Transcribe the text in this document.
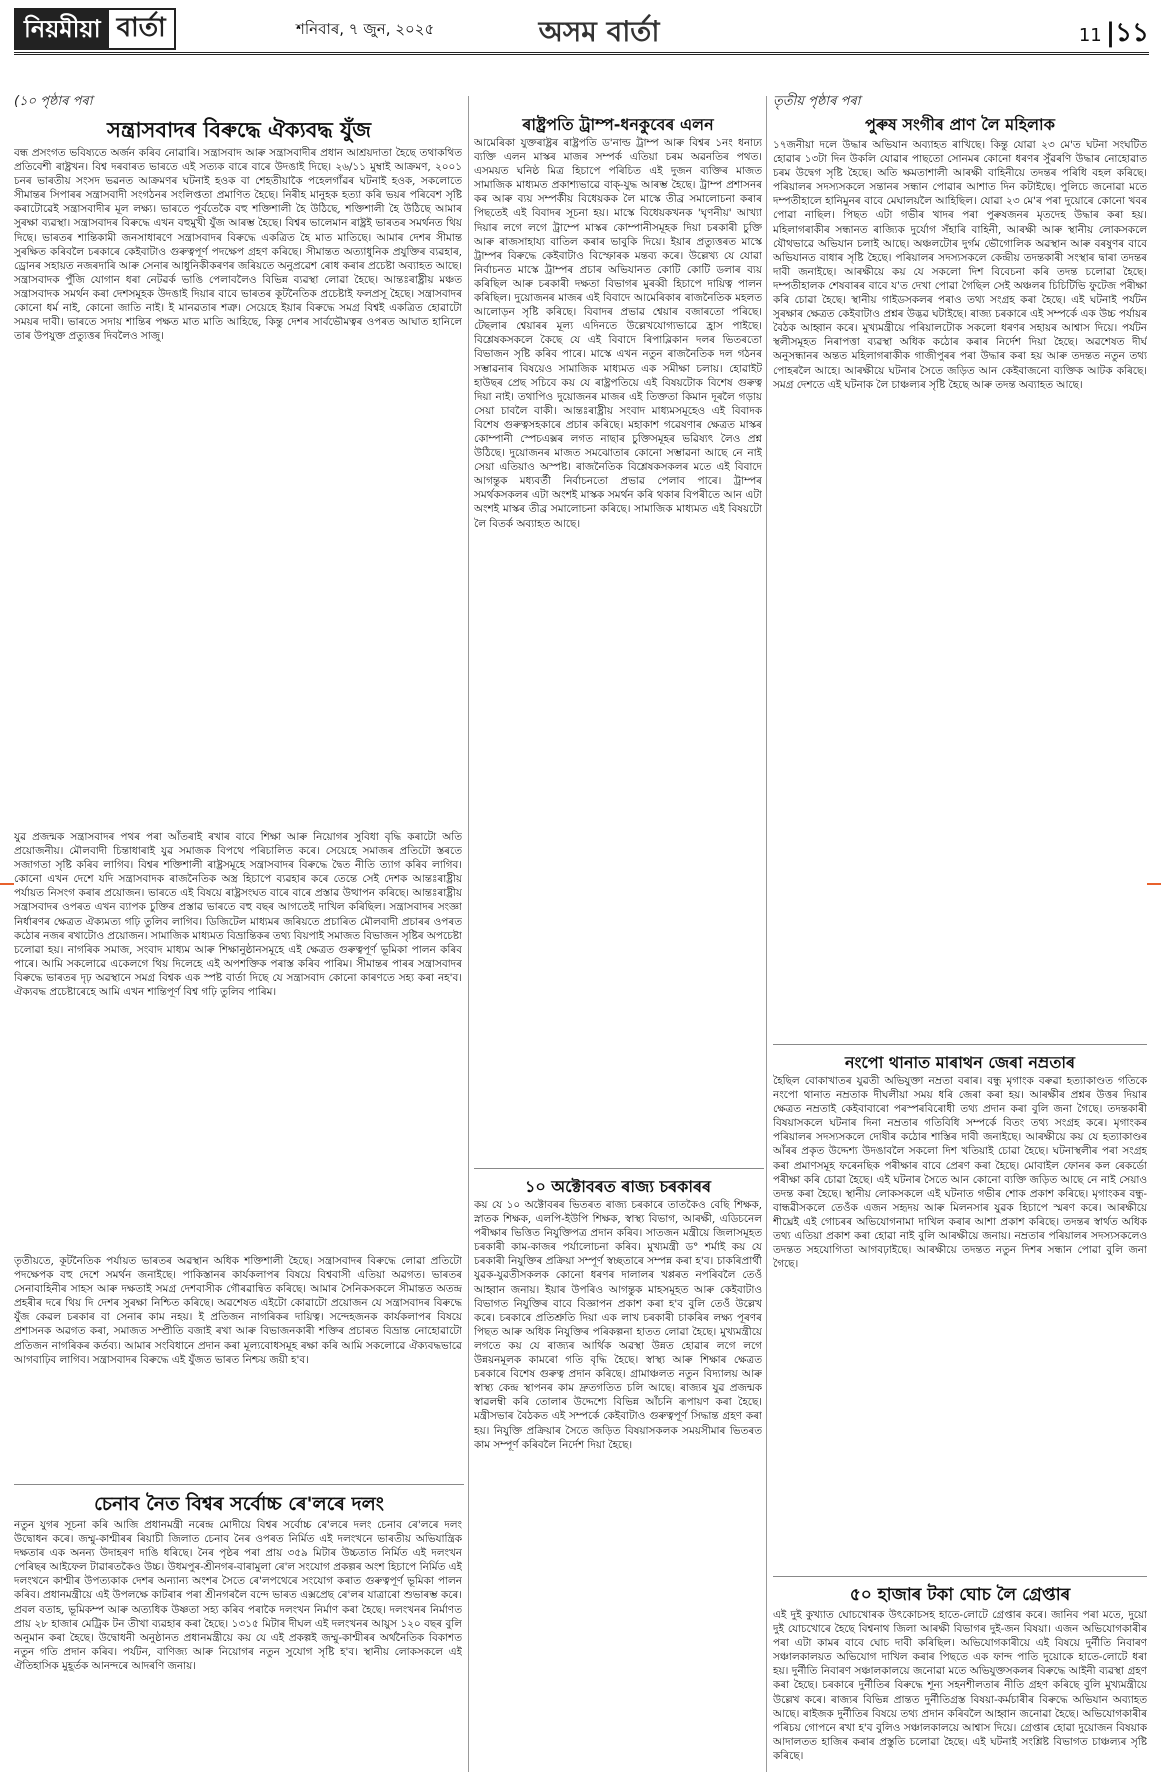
নিয়মীয়া বাৰ্তা	শনিবাৰ, ৭ জুন, ২০২৫	অসম বাৰ্তা	11 |১১
(১০ পৃষ্ঠাৰ পৰা	তৃতীয় পৃষ্ঠাৰ পৰা
সন্ত্ৰাসবাদৰ বিৰুদ্ধে ঐক্যবদ্ধ যুঁজ
বন্ধ প্ৰসংগত ভবিষ্যতে অৰ্জন কৰিব নোৱাৰি। সন্ত্ৰাসবাদ আৰু সন্ত্ৰাসবাদীৰ প্ৰধান আশ্ৰয়দাতা হৈছে তথাকথিত প্ৰতিবেশী ৰাষ্ট্ৰখন। বিশ্ব দৰবাৰত ভাৰতে এই সত্যক বাৰে বাৰে উদঙাই দিছে। ২৬/১১ মুম্বাই আক্ৰমণ, ২০০১ চনৰ ভাৰতীয় সংসদ ভৱনত আক্ৰমণৰ ঘটনাই হওক বা শেহতীয়াকৈ পহেলগাঁৱৰ ঘটনাই হওক, সকলোতে সীমান্তৰ সিপাৰৰ সন্ত্ৰাসবাদী সংগঠনৰ সংলিপ্ততা প্ৰমাণিত হৈছে। নিৰীহ মানুহক হত্যা কৰি ভয়ৰ পৰিবেশ সৃষ্টি কৰাটোৱেই সন্ত্ৰাসবাদীৰ মূল লক্ষ্য। ভাৰতে পূৰ্বতেকৈ বহু শক্তিশালী হৈ উঠিছে, শক্তিশালী হৈ উঠিছে আমাৰ সুৰক্ষা ব্যৱস্থা। সন্ত্ৰাসবাদৰ বিৰুদ্ধে এখন বহুমুখী যুঁজ আৰম্ভ হৈছে। বিশ্বৰ ভালেমান ৰাষ্ট্ৰই ভাৰতৰ সমৰ্থনত থিয় দিছে। ভাৰতৰ শান্তিকামী জনসাধাৰণে সন্ত্ৰাসবাদৰ বিৰুদ্ধে একত্ৰিত হৈ মাত মাতিছে। আমাৰ দেশৰ সীমান্ত সুৰক্ষিত কৰিবলৈ চৰকাৰে কেইবাটাও গুৰুত্বপূৰ্ণ পদক্ষেপ গ্ৰহণ কৰিছে। সীমান্তত অত্যাধুনিক প্ৰযুক্তিৰ ব্যৱহাৰ, ড্ৰোনৰ সহায়ত নজৰদাৰি আৰু সেনাৰ আধুনিকীকৰণৰ জৰিয়তে অনুপ্ৰৱেশ ৰোধ কৰাৰ প্ৰচেষ্টা অব্যাহত আছে। সন্ত্ৰাসবাদক পুঁজি যোগান ধৰা নেটৱৰ্ক ভাঙি পেলাবলৈও বিভিন্ন ব্যৱস্থা লোৱা হৈছে। আন্তঃৰাষ্ট্ৰীয় মঞ্চত সন্ত্ৰাসবাদক সমৰ্থন কৰা দেশসমূহক উদঙাই দিয়াৰ বাবে ভাৰতৰ কূটনৈতিক প্ৰচেষ্টাই ফলপ্ৰসূ হৈছে। সন্ত্ৰাসবাদৰ কোনো ধৰ্ম নাই, কোনো জাতি নাই। ই মানৱতাৰ শত্ৰু। সেয়েহে ইয়াৰ বিৰুদ্ধে সমগ্ৰ বিশ্বই একত্ৰিত হোৱাটো সময়ৰ দাবী। ভাৰতে সদায় শান্তিৰ পক্ষত মাত মাতি আহিছে, কিন্তু দেশৰ সাৰ্বভৌমত্বৰ ওপৰত আঘাত হানিলে তাৰ উপযুক্ত প্ৰত্যুত্তৰ দিবলৈও সাজু।
যুৱ প্ৰজন্মক সন্ত্ৰাসবাদৰ পথৰ পৰা আঁতৰাই ৰখাৰ বাবে শিক্ষা আৰু নিয়োগৰ সুবিধা বৃদ্ধি কৰাটো অতি প্ৰয়োজনীয়। মৌলবাদী চিন্তাধাৰাই যুৱ সমাজক বিপথে পৰিচালিত কৰে। সেয়েহে সমাজৰ প্ৰতিটো স্তৰতে সজাগতা সৃষ্টি কৰিব লাগিব। বিশ্বৰ শক্তিশালী ৰাষ্ট্ৰসমূহে সন্ত্ৰাসবাদৰ বিৰুদ্ধে দ্বৈত নীতি ত্যাগ কৰিব লাগিব। কোনো এখন দেশে যদি সন্ত্ৰাসবাদক ৰাজনৈতিক অস্ত্ৰ হিচাপে ব্যৱহাৰ কৰে তেন্তে সেই দেশক আন্তঃৰাষ্ট্ৰীয় পৰ্যায়ত নিসংগ কৰাৰ প্ৰয়োজন। ভাৰতে এই বিষয়ে ৰাষ্ট্ৰসংঘত বাৰে বাৰে প্ৰস্তাৱ উত্থাপন কৰিছে। আন্তঃৰাষ্ট্ৰীয় সন্ত্ৰাসবাদৰ ওপৰত এখন ব্যাপক চুক্তিৰ প্ৰস্তাৱ ভাৰতে বহু বছৰ আগতেই দাখিল কৰিছিল। সন্ত্ৰাসবাদৰ সংজ্ঞা নিৰ্ধাৰণৰ ক্ষেত্ৰত ঐক্যমত্য গঢ়ি তুলিব লাগিব। ডিজিটেল মাধ্যমৰ জৰিয়তে প্ৰচাৰিত মৌলবাদী প্ৰচাৰৰ ওপৰত কঠোৰ নজৰ ৰখাটোও প্ৰয়োজন। সামাজিক মাধ্যমত বিভ্ৰান্তিকৰ তথ্য বিয়পাই সমাজত বিভাজন সৃষ্টিৰ অপচেষ্টা চলোৱা হয়। নাগৰিক সমাজ, সংবাদ মাধ্যম আৰু শিক্ষানুষ্ঠানসমূহে এই ক্ষেত্ৰত গুৰুত্বপূৰ্ণ ভূমিকা পালন কৰিব পাৰে। আমি সকলোৱে একেলগে থিয় দিলেহে এই অপশক্তিক পৰাস্ত কৰিব পাৰিম। সীমান্তৰ পাৰৰ সন্ত্ৰাসবাদৰ বিৰুদ্ধে ভাৰতৰ দৃঢ় অৱস্থানে সমগ্ৰ বিশ্বক এক স্পষ্ট বাৰ্তা দিছে যে সন্ত্ৰাসবাদ কোনো কাৰণতে সহ্য কৰা নহ'ব। ঐক্যবদ্ধ প্ৰচেষ্টাৰেহে আমি এখন শান্তিপূৰ্ণ বিশ্ব গঢ়ি তুলিব পাৰিম।
তৃতীয়তে, কূটনৈতিক পৰ্যায়ত ভাৰতৰ অৱস্থান অধিক শক্তিশালী হৈছে। সন্ত্ৰাসবাদৰ বিৰুদ্ধে লোৱা প্ৰতিটো পদক্ষেপক বহু দেশে সমৰ্থন জনাইছে। পাকিস্তানৰ কাৰ্যকলাপৰ বিষয়ে বিশ্ববাসী এতিয়া অৱগত। ভাৰতৰ সেনাবাহিনীৰ সাহস আৰু দক্ষতাই সমগ্ৰ দেশবাসীক গৌৰৱান্বিত কৰিছে। আমাৰ সৈনিকসকলে সীমান্তত অতন্দ্ৰ প্ৰহৰীৰ দৰে থিয় দি দেশৰ সুৰক্ষা নিশ্চিত কৰিছে। অৱশেষত এইটো কোৱাটো প্ৰয়োজন যে সন্ত্ৰাসবাদৰ বিৰুদ্ধে যুঁজ কেৱল চৰকাৰ বা সেনাৰ কাম নহয়। ই প্ৰতিজন নাগৰিকৰ দায়িত্ব। সন্দেহজনক কাৰ্যকলাপৰ বিষয়ে প্ৰশাসনক অৱগত কৰা, সমাজত সম্প্ৰীতি বজাই ৰখা আৰু বিভাজনকাৰী শক্তিৰ প্ৰচাৰত বিভ্ৰান্ত নোহোৱাটো প্ৰতিজন নাগৰিকৰ কৰ্তব্য। আমাৰ সংবিধানে প্ৰদান কৰা মূল্যবোধসমূহ ৰক্ষা কৰি আমি সকলোৱে ঐক্যবদ্ধভাৱে আগবাঢ়িব লাগিব। সন্ত্ৰাসবাদৰ বিৰুদ্ধে এই যুঁজত ভাৰত নিশ্চয় জয়ী হ'ব।
চেনাব নৈত বিশ্বৰ সৰ্বোচ্চ ৰে'লৰে দলং
নতুন যুগৰ সূচনা কৰি আজি প্ৰধানমন্ত্ৰী নৰেন্দ্ৰ মোদীয়ে বিশ্বৰ সৰ্বোচ্চ ৰে'লৰে দলং চেনাব ৰে'লৰে দলং উদ্বোধন কৰে। জম্মু-কাশ্মীৰৰ ৰিয়াচী জিলাত চেনাব নৈৰ ওপৰত নিৰ্মিত এই দলংখনে ভাৰতীয় অভিযান্ত্ৰিক দক্ষতাৰ এক অনন্য উদাহৰণ দাঙি ধৰিছে। নৈৰ পৃষ্ঠৰ পৰা প্ৰায় ৩৫৯ মিটাৰ উচ্চতাত নিৰ্মিত এই দলংখন পেৰিছৰ আইফেল টাৱাৰতকৈও উচ্চ। উধমপুৰ-শ্ৰীনগৰ-বাৰামুলা ৰে'ল সংযোগ প্ৰকল্পৰ অংশ হিচাপে নিৰ্মিত এই দলংখনে কাশ্মীৰ উপত্যকাক দেশৰ অন্যান্য অংশৰ সৈতে ৰে'লপথেৰে সংযোগ কৰাত গুৰুত্বপূৰ্ণ ভূমিকা পালন কৰিব। প্ৰধানমন্ত্ৰীয়ে এই উপলক্ষে কাটৰাৰ পৰা শ্ৰীনগৰলৈ বন্দে ভাৰত এক্সপ্ৰেছ ৰে'লৰ যাত্ৰাৰো শুভাৰম্ভ কৰে। প্ৰবল বতাহ, ভূমিকম্প আৰু অত্যধিক উষ্ণতা সহ্য কৰিব পৰাকৈ দলংখন নিৰ্মাণ কৰা হৈছে। দলংখনৰ নিৰ্মাণত প্ৰায় ২৮ হাজাৰ মেট্ৰিক টন তীখা ব্যৱহাৰ কৰা হৈছে। ১৩১৫ মিটাৰ দীঘল এই দলংখনৰ আয়ুস ১২০ বছৰ বুলি অনুমান কৰা হৈছে। উদ্বোধনী অনুষ্ঠানত প্ৰধানমন্ত্ৰীয়ে কয় যে এই প্ৰকল্পই জম্মু-কাশ্মীৰৰ অৰ্থনৈতিক বিকাশত নতুন গতি প্ৰদান কৰিব। পৰ্যটন, বাণিজ্য আৰু নিয়োগৰ নতুন সুযোগ সৃষ্টি হ'ব। স্থানীয় লোকসকলে এই ঐতিহাসিক মুহূৰ্তক আনন্দৰে আদৰণি জনায়।
ৰাষ্ট্ৰপতি ট্ৰাম্প-ধনকুবেৰ এলন
আমেৰিকা যুক্তৰাষ্ট্ৰৰ ৰাষ্ট্ৰপতি ড'নাল্ড ট্ৰাম্প আৰু বিশ্বৰ ১নং ধনাঢ্য ব্যক্তি এলন মাস্কৰ মাজৰ সম্পৰ্ক এতিয়া চৰম অৱনতিৰ পথত। এসময়ত ঘনিষ্ঠ মিত্ৰ হিচাপে পৰিচিত এই দুজন ব্যক্তিৰ মাজত সামাজিক মাধ্যমত প্ৰকাশ্যভাৱে বাক্-যুদ্ধ আৰম্ভ হৈছে। ট্ৰাম্প প্ৰশাসনৰ কৰ আৰু ব্যয় সম্পৰ্কীয় বিধেয়কক লৈ মাস্কে তীব্ৰ সমালোচনা কৰাৰ পিছতেই এই বিবাদৰ সূচনা হয়। মাস্কে বিধেয়কখনক 'ঘৃণনীয়' আখ্যা দিয়াৰ লগে লগে ট্ৰাম্পে মাস্কৰ কোম্পানীসমূহক দিয়া চৰকাৰী চুক্তি আৰু ৰাজসাহায্য বাতিল কৰাৰ ভাবুকি দিয়ে। ইয়াৰ প্ৰত্যুত্তৰত মাস্কে ট্ৰাম্পৰ বিৰুদ্ধে কেইবাটাও বিস্ফোৰক মন্তব্য কৰে। উল্লেখ্য যে যোৱা নিৰ্বাচনত মাস্কে ট্ৰাম্পৰ প্ৰচাৰ অভিযানত কোটি কোটি ডলাৰ ব্যয় কৰিছিল আৰু চৰকাৰী দক্ষতা বিভাগৰ মুৰব্বী হিচাপে দায়িত্ব পালন কৰিছিল। দুয়োজনৰ মাজৰ এই বিবাদে আমেৰিকাৰ ৰাজনৈতিক মহলত আলোড়ন সৃষ্টি কৰিছে। বিবাদৰ প্ৰভাৱ শ্বেয়াৰ বজাৰতো পৰিছে। টেছলাৰ শ্বেয়াৰৰ মূল্য এদিনতে উল্লেখযোগ্যভাৱে হ্ৰাস পাইছে। বিশ্লেষকসকলে কৈছে যে এই বিবাদে ৰিপাব্লিকান দলৰ ভিতৰতো বিভাজন সৃষ্টি কৰিব পাৰে। মাস্কে এখন নতুন ৰাজনৈতিক দল গঠনৰ সম্ভাৱনাৰ বিষয়েও সামাজিক মাধ্যমত এক সমীক্ষা চলায়। হোৱাইট হাউছৰ প্ৰেছ সচিবে কয় যে ৰাষ্ট্ৰপতিয়ে এই বিষয়টোক বিশেষ গুৰুত্ব দিয়া নাই। তথাপিও দুয়োজনৰ মাজৰ এই তিক্ততা কিমান দূৰলৈ গড়ায় সেয়া চাবলৈ বাকী। আন্তঃৰাষ্ট্ৰীয় সংবাদ মাধ্যমসমূহেও এই বিবাদক বিশেষ গুৰুত্বসহকাৰে প্ৰচাৰ কৰিছে। মহাকাশ গৱেষণাৰ ক্ষেত্ৰত মাস্কৰ কোম্পানী স্পেচএক্সৰ লগত নাছাৰ চুক্তিসমূহৰ ভৱিষ্যৎ লৈও প্ৰশ্ন উঠিছে। দুয়োজনৰ মাজত সমঝোতাৰ কোনো সম্ভাৱনা আছে নে নাই সেয়া এতিয়াও অস্পষ্ট। ৰাজনৈতিক বিশ্লেষকসকলৰ মতে এই বিবাদে আগন্তুক মধ্যবৰ্তী নিৰ্বাচনতো প্ৰভাৱ পেলাব পাৰে। ট্ৰাম্পৰ সমৰ্থকসকলৰ এটা অংশই মাস্কক সমৰ্থন কৰি থকাৰ বিপৰীতে আন এটা অংশই মাস্কৰ তীব্ৰ সমালোচনা কৰিছে। সামাজিক মাধ্যমত এই বিষয়টো লৈ বিতৰ্ক অব্যাহত আছে।
১০ অক্টোবৰত ৰাজ্য চৰকাৰৰ
কয় যে ১০ অক্টোবৰৰ ভিতৰত ৰাজ্য চৰকাৰে তাতকৈও বেছি শিক্ষক, স্নাতক শিক্ষক, এলপি-ইউপি শিক্ষক, স্বাস্থ্য বিভাগ, আৰক্ষী, এডিচনেল পৰীক্ষাৰ ভিত্তিত নিযুক্তিপত্ৰ প্ৰদান কৰিব। সাতজন মন্ত্ৰীয়ে জিলাসমূহত চৰকাৰী কাম-কাজৰ পৰ্যালোচনা কৰিব। মুখ্যমন্ত্ৰী ড° শৰ্মাই কয় যে চৰকাৰী নিযুক্তিৰ প্ৰক্ৰিয়া সম্পূৰ্ণ স্বচ্ছতাৰে সম্পন্ন কৰা হ'ব। চাকৰিপ্ৰাৰ্থী যুৱক-যুৱতীসকলক কোনো ধৰণৰ দালালৰ খপ্পৰত নপৰিবলৈ তেওঁ আহ্বান জনায়। ইয়াৰ উপৰিও আগন্তুক মাহসমূহত আৰু কেইবাটাও বিভাগত নিযুক্তিৰ বাবে বিজ্ঞাপন প্ৰকাশ কৰা হ'ব বুলি তেওঁ উল্লেখ কৰে। চৰকাৰে প্ৰতিশ্ৰুতি দিয়া এক লাখ চৰকাৰী চাকৰিৰ লক্ষ্য পূৰণৰ পিছত আৰু অধিক নিযুক্তিৰ পৰিকল্পনা হাতত লোৱা হৈছে। মুখ্যমন্ত্ৰীয়ে লগতে কয় যে ৰাজ্যৰ আৰ্থিক অৱস্থা উন্নত হোৱাৰ লগে লগে উন্নয়নমূলক কামৰো গতি বৃদ্ধি হৈছে। স্বাস্থ্য আৰু শিক্ষাৰ ক্ষেত্ৰত চৰকাৰে বিশেষ গুৰুত্ব প্ৰদান কৰিছে। গ্ৰামাঞ্চলত নতুন বিদ্যালয় আৰু স্বাস্থ্য কেন্দ্ৰ স্থাপনৰ কাম দ্ৰুতগতিত চলি আছে। ৰাজ্যৰ যুৱ প্ৰজন্মক স্বাৱলম্বী কৰি তোলাৰ উদ্দেশ্যে বিভিন্ন আঁচনি ৰূপায়ণ কৰা হৈছে। মন্ত্ৰীসভাৰ বৈঠকত এই সম্পৰ্কে কেইবাটাও গুৰুত্বপূৰ্ণ সিদ্ধান্ত গ্ৰহণ কৰা হয়। নিযুক্তি প্ৰক্ৰিয়াৰ সৈতে জড়িত বিষয়াসকলক সময়সীমাৰ ভিতৰত কাম সম্পূৰ্ণ কৰিবলৈ নিৰ্দেশ দিয়া হৈছে।
পুৰুষ সংগীৰ প্ৰাণ লৈ মহিলাক
১৭জনীয়া দলে উদ্ধাৰ অভিযান অব্যাহত ৰাখিছে। কিন্তু যোৱা ২৩ মে'ত ঘটনা সংঘটিত হোৱাৰ ১৩টা দিন উকলি যোৱাৰ পাছতো সোনমৰ কোনো ধৰণৰ সুঁৱৰণি উদ্ধাৰ নোহোৱাত চৰম উদ্বেগ সৃষ্টি হৈছে। অতি ক্ষমতাশালী আৰক্ষী বাহিনীয়ে তদন্তৰ পৰিধি বহল কৰিছে। পৰিয়ালৰ সদস্যসকলে সন্তানৰ সন্ধান পোৱাৰ আশাত দিন কটাইছে। পুলিচে জনোৱা মতে দম্পতীহালে হানিমুনৰ বাবে মেঘালয়লৈ আহিছিল। যোৱা ২৩ মে'ৰ পৰা দুয়োৰে কোনো খবৰ পোৱা নাছিল। পিছত এটা গভীৰ খাদৰ পৰা পুৰুষজনৰ মৃতদেহ উদ্ধাৰ কৰা হয়। মহিলাগৰাকীৰ সন্ধানত ৰাজ্যিক দুৰ্যোগ সঁহাৰি বাহিনী, আৰক্ষী আৰু স্থানীয় লোকসকলে যৌথভাৱে অভিযান চলাই আছে। অঞ্চলটোৰ দুৰ্গম ভৌগোলিক অৱস্থান আৰু বৰষুণৰ বাবে অভিযানত বাধাৰ সৃষ্টি হৈছে। পৰিয়ালৰ সদস্যসকলে কেন্দ্ৰীয় তদন্তকাৰী সংস্থাৰ দ্বাৰা তদন্তৰ দাবী জনাইছে। আৰক্ষীয়ে কয় যে সকলো দিশ বিবেচনা কৰি তদন্ত চলোৱা হৈছে। দম্পতীহালক শেষবাৰৰ বাবে য'ত দেখা পোৱা গৈছিল সেই অঞ্চলৰ চিচিটিভি ফুটেজ পৰীক্ষা কৰি চোৱা হৈছে। স্থানীয় গাইডসকলৰ পৰাও তথ্য সংগ্ৰহ কৰা হৈছে। এই ঘটনাই পৰ্যটন সুৰক্ষাৰ ক্ষেত্ৰত কেইবাটাও প্ৰশ্নৰ উদ্ভৱ ঘটাইছে। ৰাজ্য চৰকাৰে এই সম্পৰ্কে এক উচ্চ পৰ্যায়ৰ বৈঠক আহ্বান কৰে। মুখ্যমন্ত্ৰীয়ে পৰিয়ালটোক সকলো ধৰণৰ সহায়ৰ আশ্বাস দিয়ে। পৰ্যটন স্থলীসমূহত নিৰাপত্তা ব্যৱস্থা অধিক কঠোৰ কৰাৰ নিৰ্দেশ দিয়া হৈছে। অৱশেষত দীৰ্ঘ অনুসন্ধানৰ অন্তত মহিলাগৰাকীক গাজীপুৰৰ পৰা উদ্ধাৰ কৰা হয় আৰু তদন্তত নতুন তথ্য পোহৰলৈ আহে। আৰক্ষীয়ে ঘটনাৰ সৈতে জড়িত আন কেইবাজনো ব্যক্তিক আটক কৰিছে। সমগ্ৰ দেশতে এই ঘটনাক লৈ চাঞ্চল্যৰ সৃষ্টি হৈছে আৰু তদন্ত অব্যাহত আছে।
নংপো থানাত মাৰাথন জেৰা নম্ৰতাৰ
হৈছিল বোকাখাতৰ যুৱতী অভিযুক্তা নম্ৰতা বৰাৰ। বন্ধু মৃগাংক বৰুৱা হত্যাকাণ্ডত গতিকে নংপো থানাত নম্ৰতাক দীঘলীয়া সময় ধৰি জেৰা কৰা হয়। আৰক্ষীৰ প্ৰশ্নৰ উত্তৰ দিয়াৰ ক্ষেত্ৰত নম্ৰতাই কেইবাবাৰো পৰস্পৰবিৰোধী তথ্য প্ৰদান কৰা বুলি জনা গৈছে। তদন্তকাৰী বিষয়াসকলে ঘটনাৰ দিনা নম্ৰতাৰ গতিবিধি সম্পৰ্কে বিতং তথ্য সংগ্ৰহ কৰে। মৃগাংকৰ পৰিয়ালৰ সদস্যসকলে দোষীৰ কঠোৰ শাস্তিৰ দাবী জনাইছে। আৰক্ষীয়ে কয় যে হত্যাকাণ্ডৰ আঁৰৰ প্ৰকৃত উদ্দেশ্য উদঙাবলৈ সকলো দিশ খতিয়াই চোৱা হৈছে। ঘটনাস্থলীৰ পৰা সংগ্ৰহ কৰা প্ৰমাণসমূহ ফৰেনছিক পৰীক্ষাৰ বাবে প্ৰেৰণ কৰা হৈছে। মোবাইল ফোনৰ কল ৰেকৰ্ডো পৰীক্ষা কৰি চোৱা হৈছে। এই ঘটনাৰ সৈতে আন কোনো ব্যক্তি জড়িত আছে নে নাই সেয়াও তদন্ত কৰা হৈছে। স্থানীয় লোকসকলে এই ঘটনাত গভীৰ শোক প্ৰকাশ কৰিছে। মৃগাংকৰ বন্ধু-বান্ধৱীসকলে তেওঁক এজন সহৃদয় আৰু মিলনসাৰ যুৱক হিচাপে স্মৰণ কৰে। আৰক্ষীয়ে শীঘ্ৰেই এই গোচৰৰ অভিযোগনামা দাখিল কৰাৰ আশা প্ৰকাশ কৰিছে। তদন্তৰ স্বাৰ্থত অধিক তথ্য এতিয়া প্ৰকাশ কৰা হোৱা নাই বুলি আৰক্ষীয়ে জনায়। নম্ৰতাৰ পৰিয়ালৰ সদস্যসকলেও তদন্তত সহযোগিতা আগবঢ়াইছে। আৰক্ষীয়ে তদন্তত নতুন দিশৰ সন্ধান পোৱা বুলি জনা গৈছে।
৫০ হাজাৰ টকা ঘোচ লৈ গ্ৰেপ্তাৰ
এই দুই কুখ্যাত ঘোচখোৰক উৎকোচসহ হাতে-লোটে গ্ৰেপ্তাৰ কৰে। জানিব পৰা মতে, দুয়ো দুই যোচখোৰে হৈছে বিশ্বনাথ জিলা আৰক্ষী বিভাগৰ দুই-জন বিষয়া। এজন অভিযোগকাৰীৰ পৰা এটা কামৰ বাবে ঘোচ দাবী কৰিছিল। অভিযোগকাৰীয়ে এই বিষয়ে দুৰ্নীতি নিবাৰণ সঞ্চালকালয়ত অভিযোগ দাখিল কৰাৰ পিছতে এক ফান্দ পাতি দুয়োকে হাতে-লোটে ধৰা হয়। দুৰ্নীতি নিবাৰণ সঞ্চালকালয়ে জনোৱা মতে অভিযুক্তসকলৰ বিৰুদ্ধে আইনী ব্যৱস্থা গ্ৰহণ কৰা হৈছে। চৰকাৰে দুৰ্নীতিৰ বিৰুদ্ধে শূন্য সহনশীলতাৰ নীতি গ্ৰহণ কৰিছে বুলি মুখ্যমন্ত্ৰীয়ে উল্লেখ কৰে। ৰাজ্যৰ বিভিন্ন প্ৰান্তত দুৰ্নীতিগ্ৰস্ত বিষয়া-কৰ্মচাৰীৰ বিৰুদ্ধে অভিযান অব্যাহত আছে। ৰাইজক দুৰ্নীতিৰ বিষয়ে তথ্য প্ৰদান কৰিবলৈ আহ্বান জনোৱা হৈছে। অভিযোগকাৰীৰ পৰিচয় গোপনে ৰখা হ'ব বুলিও সঞ্চালকালয়ে আশ্বাস দিয়ে। গ্ৰেপ্তাৰ হোৱা দুয়োজন বিষয়াক আদালতত হাজিৰ কৰাৰ প্ৰস্তুতি চলোৱা হৈছে। এই ঘটনাই সংশ্লিষ্ট বিভাগত চাঞ্চল্যৰ সৃষ্টি কৰিছে।
